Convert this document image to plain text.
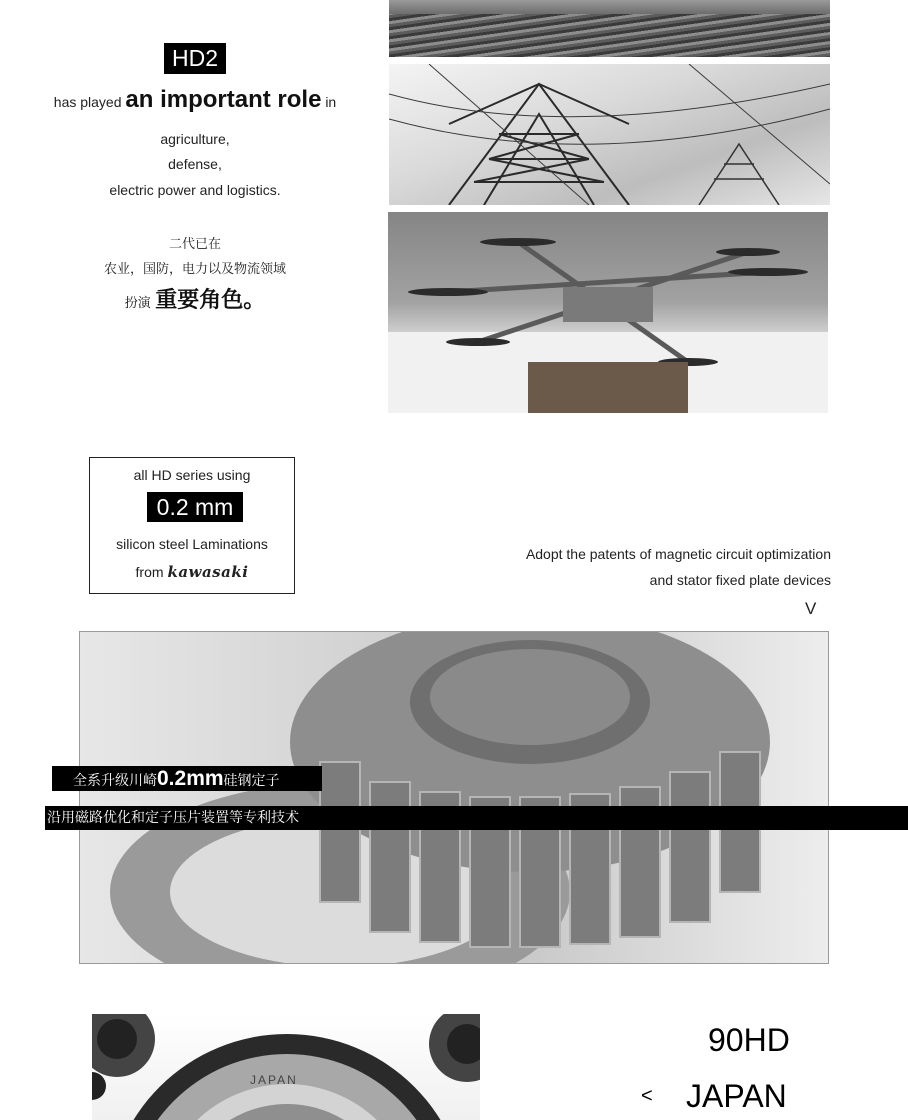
HD2
has played an important role in
agriculture,
defense,
electric power and logistics.
二代已在
农业，国防，电力以及物流领域
扮演 重要角色。
all HD series using
0.2 mm
silicon steel Laminations
from kawasaki
Adopt the patents of magnetic circuit optimization
and stator fixed plate devices
V
全系升级川崎0.2mm硅钢定子
沿用磁路优化和定子压片装置等专利技术
JAPAN
90HD
< JAPAN
